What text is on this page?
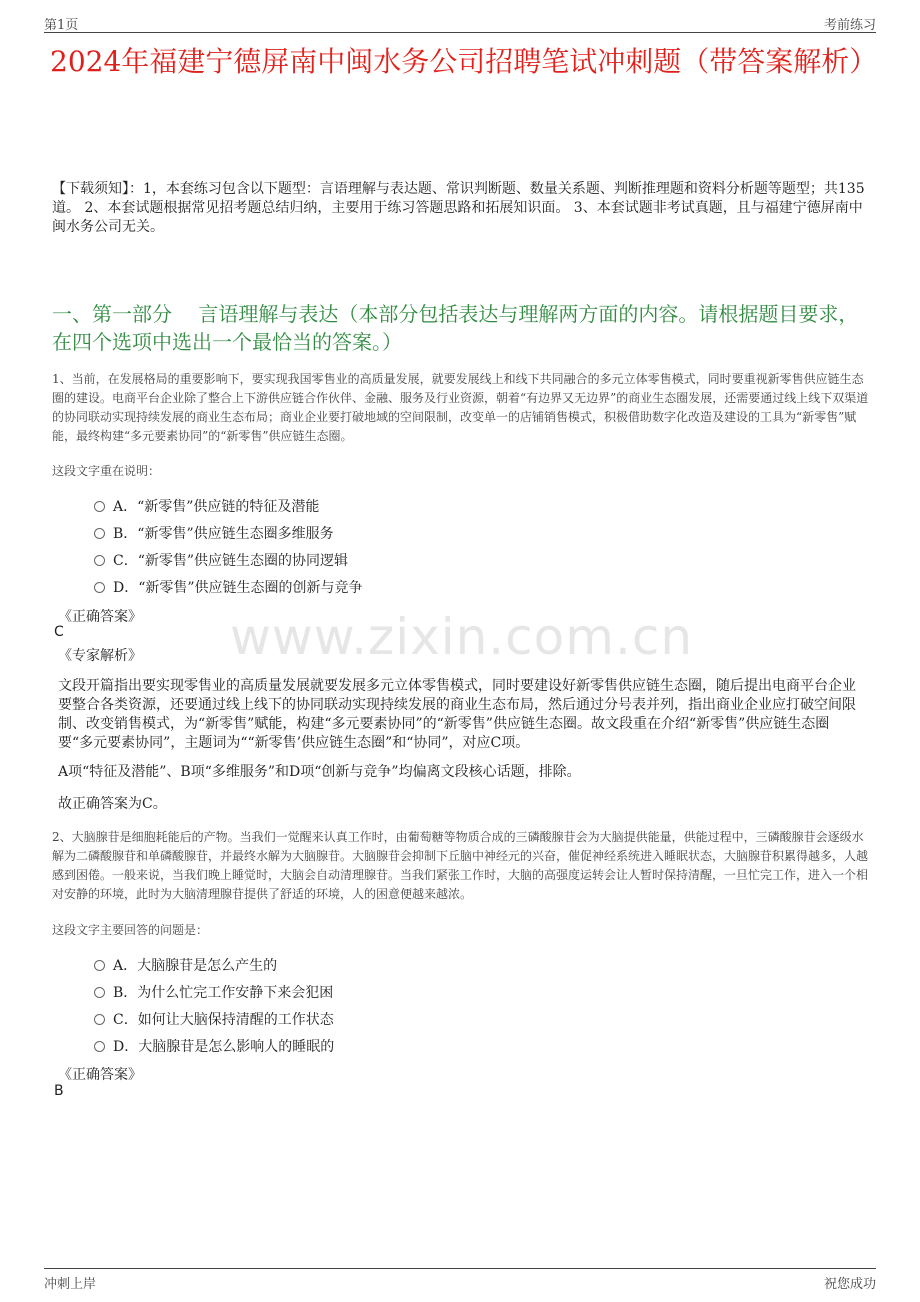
第1页	考前练习
2024年福建宁德屏南中闽水务公司招聘笔试冲刺题（带答案解析）
【下载须知】：1，本套练习包含以下题型：言语理解与表达题、常识判断题、数量关系题、判断推理题和资料分析题等题型；共135道。 2、本套试题根据常见招考题总结归纳，主要用于练习答题思路和拓展知识面。 3、本套试题非考试真题，且与福建宁德屏南中闽水务公司无关。
一、第一部分　 言语理解与表达（本部分包括表达与理解两方面的内容。请根据题目要求，在四个选项中选出一个最恰当的答案。）
1、当前，在发展格局的重要影响下，要实现我国零售业的高质量发展，就要发展线上和线下共同融合的多元立体零售模式，同时要重视新零售供应链生态圈的建设。电商平台企业除了整合上下游供应链合作伙伴、金融、服务及行业资源，朝着“有边界又无边界”的商业生态圈发展，还需要通过线上线下双渠道的协同联动实现持续发展的商业生态布局；商业企业要打破地域的空间限制，改变单一的店铺销售模式，积极借助数字化改造及建设的工具为“新零售”赋能，最终构建“多元要素协同”的“新零售”供应链生态圈。
这段文字重在说明：
A．“新零售”供应链的特征及潜能
B．“新零售”供应链生态圈多维服务
C．“新零售”供应链生态圈的协同逻辑
D．“新零售”供应链生态圈的创新与竞争
《正确答案》
C
《专家解析》 www.zixin.com.cn
文段开篇指出要实现零售业的高质量发展就要发展多元立体零售模式，同时要建设好新零售供应链生态圈，随后提出电商平台企业要整合各类资源，还要通过线上线下的协同联动实现持续发展的商业生态布局，然后通过分号表并列，指出商业企业应打破空间限制、改变销售模式，为“新零售”赋能，构建“多元要素协同”的“新零售”供应链生态圈。故文段重在介绍“新零售”供应链生态圈要“多元要素协同”，主题词为““新零售’供应链生态圈”和“协同”，对应C项。
A项“特征及潜能”、B项“多维服务”和D项“创新与竞争”均偏离文段核心话题，排除。
故正确答案为C。
2、大脑腺苷是细胞耗能后的产物。当我们一觉醒来认真工作时，由葡萄糖等物质合成的三磷酸腺苷会为大脑提供能量，供能过程中，三磷酸腺苷会逐级水解为二磷酸腺苷和单磷酸腺苷，并最终水解为大脑腺苷。大脑腺苷会抑制下丘脑中神经元的兴奋，催促神经系统进入睡眠状态，大脑腺苷积累得越多，人越感到困倦。一般来说，当我们晚上睡觉时，大脑会自动清理腺苷。当我们紧张工作时，大脑的高强度运转会让人暂时保持清醒，一旦忙完工作，进入一个相对安静的环境，此时为大脑清理腺苷提供了舒适的环境，人的困意便越来越浓。
这段文字主要回答的问题是：
A．大脑腺苷是怎么产生的
B．为什么忙完工作安静下来会犯困
C．如何让大脑保持清醒的工作状态
D．大脑腺苷是怎么影响人的睡眠的
《正确答案》
B
冲刺上岸	祝您成功
